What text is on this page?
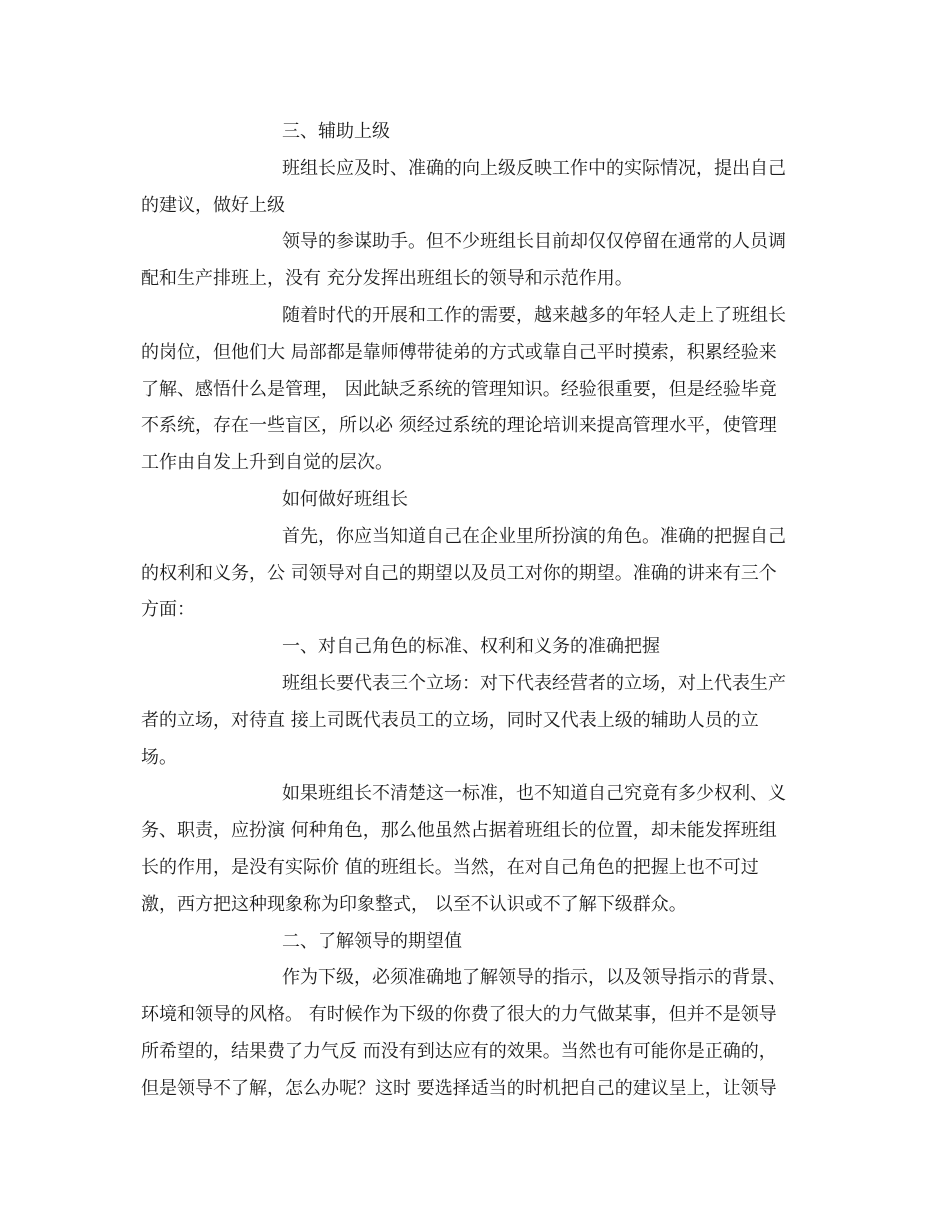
三、辅助上级
班组长应及时、准确的向上级反映工作中的实际情况，提出自己
的建议，做好上级
领导的参谋助手。但不少班组长目前却仅仅停留在通常的人员调
配和生产排班上，没有 充分发挥出班组长的领导和示范作用。
随着时代的开展和工作的需要，越来越多的年轻人走上了班组长
的岗位，但他们大 局部都是靠师傅带徒弟的方式或靠自己平时摸索，积累经验来
了解、感悟什么是管理， 因此缺乏系统的管理知识。经验很重要，但是经验毕竟
不系统，存在一些盲区，所以必 须经过系统的理论培训来提高管理水平，使管理
工作由自发上升到自觉的层次。
如何做好班组长
首先，你应当知道自己在企业里所扮演的角色。准确的把握自己
的权利和义务，公 司领导对自己的期望以及员工对你的期望。准确的讲来有三个
方面：
一、对自己角色的标准、权利和义务的准确把握
班组长要代表三个立场：对下代表经营者的立场，对上代表生产
者的立场，对待直 接上司既代表员工的立场，同时又代表上级的辅助人员的立
场。
如果班组长不清楚这一标准，也不知道自己究竟有多少权利、义
务、职责，应扮演 何种角色，那么他虽然占据着班组长的位置，却未能发挥班组
长的作用，是没有实际价 值的班组长。当然，在对自己角色的把握上也不可过
激，西方把这种现象称为印象整式， 以至不认识或不了解下级群众。
二、了解领导的期望值
作为下级，必须准确地了解领导的指示，以及领导指示的背景、
环境和领导的风格。 有时候作为下级的你费了很大的力气做某事，但并不是领导
所希望的，结果费了力气反 而没有到达应有的效果。当然也有可能你是正确的，
但是领导不了解，怎么办呢？这时 要选择适当的时机把自己的建议呈上，让领导
